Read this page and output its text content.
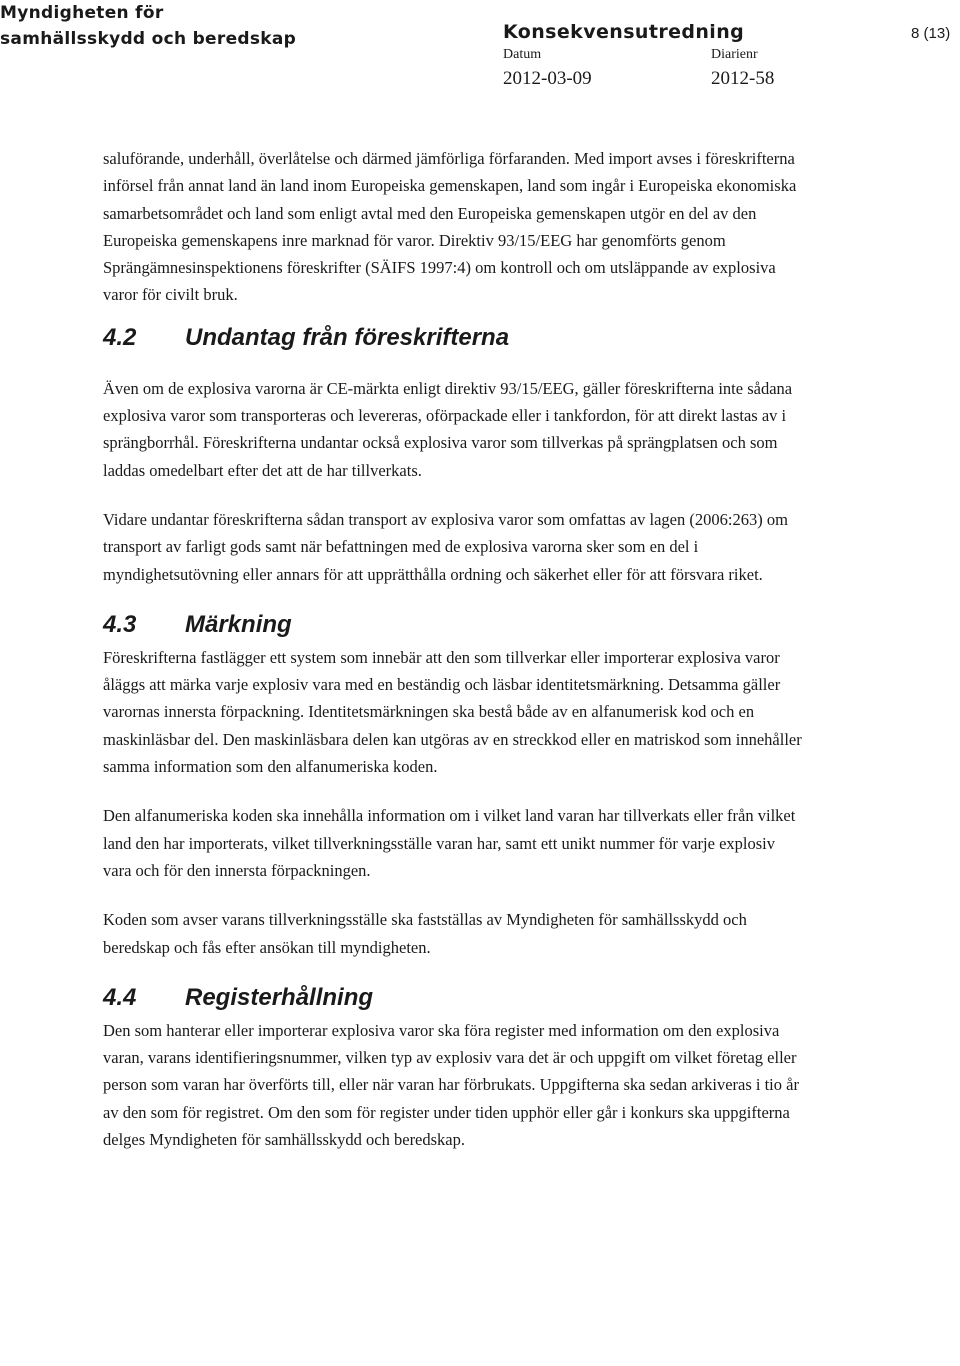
Myndigheten för
samhällsskydd och beredskap	Konsekvensutredning	8 (13)
Datum
2012-03-09
Diarienr
2012-58

saluförande, underhåll, överlåtelse och därmed jämförliga förfaranden. Med import avses i föreskrifterna införsel från annat land än land inom Europeiska gemenskapen, land som ingår i Europeiska ekonomiska samarbetsområdet och land som enligt avtal med den Europeiska gemenskapen utgör en del av den Europeiska gemenskapens inre marknad för varor. Direktiv 93/15/EEG har genomförts genom Sprängämnesinspektionens föreskrifter (SÄIFS 1997:4) om kontroll och om utsläppande av explosiva varor för civilt bruk.

4.2 Undantag från föreskrifterna

Även om de explosiva varorna är CE-märkta enligt direktiv 93/15/EEG, gäller föreskrifterna inte sådana explosiva varor som transporteras och levereras, oförpackade eller i tankfordon, för att direkt lastas av i sprängborrhål. Föreskrifterna undantar också explosiva varor som tillverkas på sprängplatsen och som laddas omedelbart efter det att de har tillverkats.

Vidare undantar föreskrifterna sådan transport av explosiva varor som omfattas av lagen (2006:263) om transport av farligt gods samt när befattningen med de explosiva varorna sker som en del i myndighetsutövning eller annars för att upprätthålla ordning och säkerhet eller för att försvara riket.

4.3 Märkning

Föreskrifterna fastlägger ett system som innebär att den som tillverkar eller importerar explosiva varor åläggs att märka varje explosiv vara med en beständig och läsbar identitetsmärkning. Detsamma gäller varornas innersta förpackning. Identitetsmärkningen ska bestå både av en alfanumerisk kod och en maskinläsbar del. Den maskinläsbara delen kan utgöras av en streckkod eller en matriskod som innehåller samma information som den alfanumeriska koden.

Den alfanumeriska koden ska innehålla information om i vilket land varan har tillverkats eller från vilket land den har importerats, vilket tillverkningsställe varan har, samt ett unikt nummer för varje explosiv vara och för den innersta förpackningen.

Koden som avser varans tillverkningsställe ska fastställas av Myndigheten för samhällsskydd och beredskap och fås efter ansökan till myndigheten.

4.4 Registerhållning

Den som hanterar eller importerar explosiva varor ska föra register med information om den explosiva varan, varans identifieringsnummer, vilken typ av explosiv vara det är och uppgift om vilket företag eller person som varan har överförts till, eller när varan har förbrukats. Uppgifterna ska sedan arkiveras i tio år av den som för registret. Om den som för register under tiden upphör eller går i konkurs ska uppgifterna delges Myndigheten för samhällsskydd och beredskap.
